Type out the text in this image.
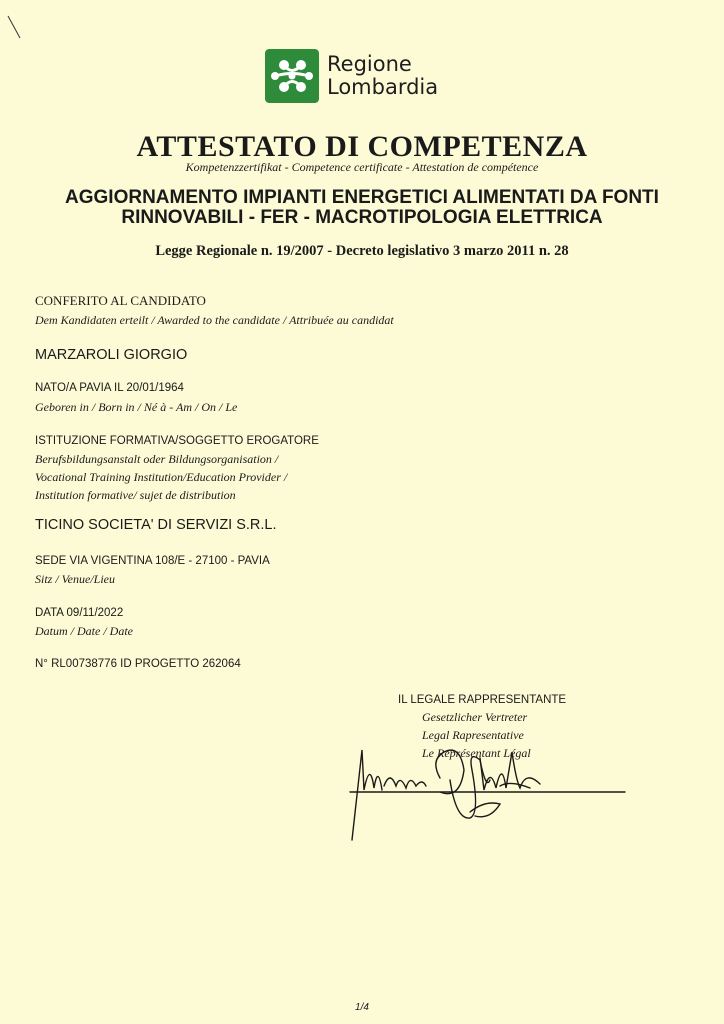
Regione
Lombardia
ATTESTATO DI COMPETENZA
Kompetenzzertifikat - Competence certificate - Attestation de compétence
AGGIORNAMENTO IMPIANTI ENERGETICI ALIMENTATI DA FONTI
RINNOVABILI - FER - MACROTIPOLOGIA ELETTRICA
Legge Regionale n. 19/2007 - Decreto legislativo 3 marzo 2011 n. 28
CONFERITO AL CANDIDATO
Dem Kandidaten erteilt / Awarded to the candidate / Attribuée au candidat
MARZAROLI GIORGIO
NATO/A PAVIA IL 20/01/1964
Geboren in / Born in / Né à - Am / On / Le
ISTITUZIONE FORMATIVA/SOGGETTO EROGATORE
Berufsbildungsanstalt oder Bildungsorganisation /
Vocational Training Institution/Education Provider /
Institution formative/ sujet de distribution
TICINO SOCIETA' DI SERVIZI S.R.L.
SEDE VIA VIGENTINA 108/E - 27100 - PAVIA
Sitz / Venue/Lieu
DATA 09/11/2022
Datum / Date / Date
N° RL00738776 ID PROGETTO 262064
IL LEGALE RAPPRESENTANTE
Gesetzlicher Vertreter
Legal Rapresentative
Le Représentant Légal
1/4
